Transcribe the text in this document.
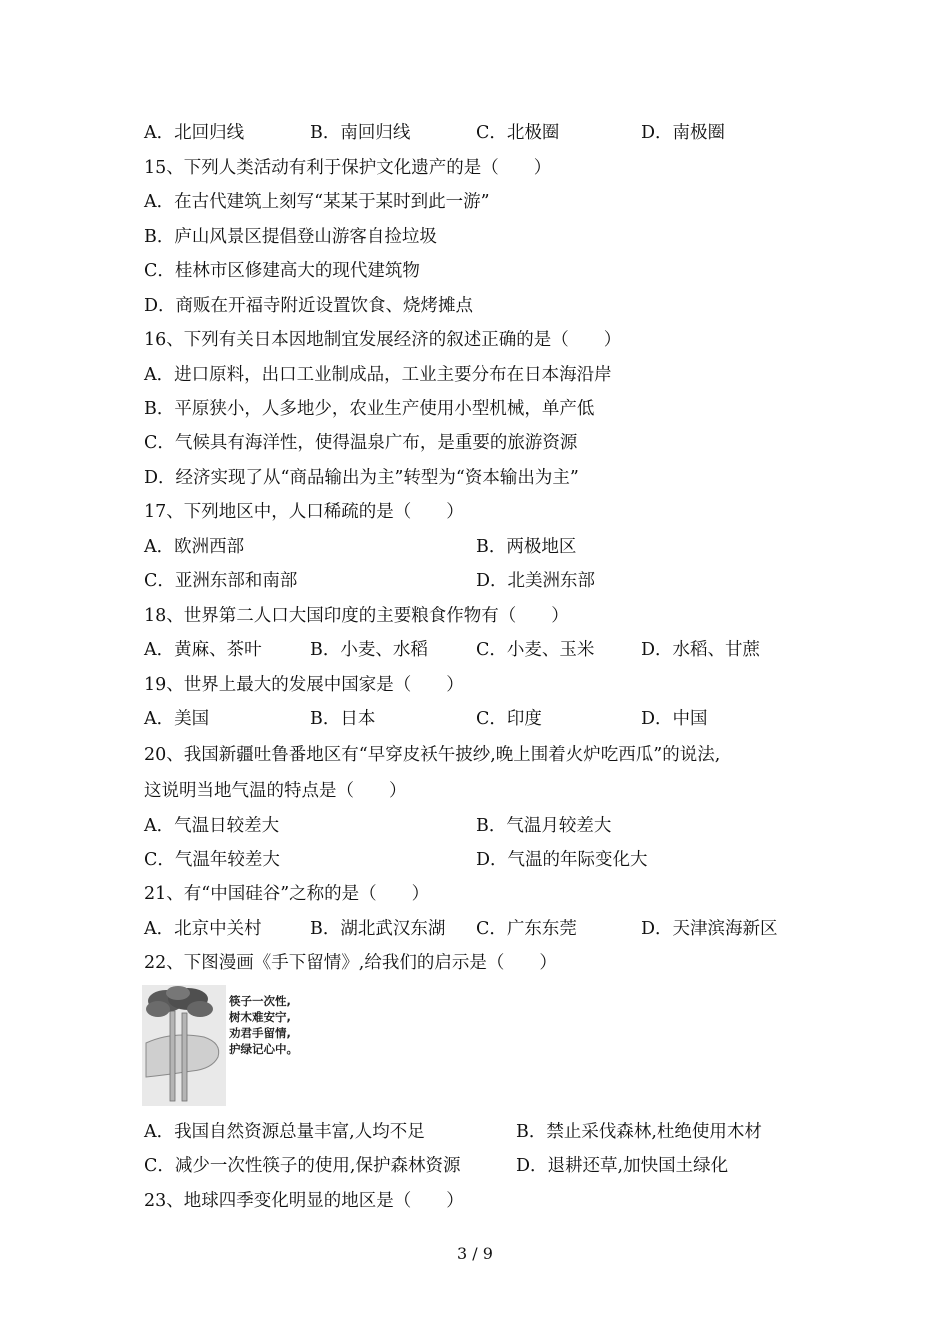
A．北回归线	B．南回归线	C．北极圈	D．南极圈
15、下列人类活动有利于保护文化遗产的是（　　）
A．在古代建筑上刻写“某某于某时到此一游”
B．庐山风景区提倡登山游客自捡垃圾
C．桂林市区修建高大的现代建筑物
D．商贩在开福寺附近设置饮食、烧烤摊点
16、下列有关日本因地制宜发展经济的叙述正确的是（　　）
A．进口原料，出口工业制成品，工业主要分布在日本海沿岸
B．平原狭小，人多地少，农业生产使用小型机械，单产低
C．气候具有海洋性，使得温泉广布，是重要的旅游资源
D．经济实现了从“商品输出为主”转型为“资本输出为主”
17、下列地区中，人口稀疏的是（　　）
A．欧洲西部	B．两极地区
C．亚洲东部和南部	D．北美洲东部
18、世界第二人口大国印度的主要粮食作物有（　　）
A．黄麻、茶叶	B．小麦、水稻	C．小麦、玉米	D．水稻、甘蔗
19、世界上最大的发展中国家是（　　）
A．美国	B．日本	C．印度	D．中国
20、我国新疆吐鲁番地区有“早穿皮袄午披纱,晚上围着火炉吃西瓜”的说法,
这说明当地气温的特点是（　　）
A．气温日较差大	B．气温月较差大
C．气温年较差大	D．气温的年际变化大
21、有“中国硅谷”之称的是（　　）
A．北京中关村	B．湖北武汉东湖 C．广东东莞	D．天津滨海新区
22、下图漫画《手下留情》,给我们的启示是（　　）
筷子一次性,
树木难安宁,
劝君手留情,
护绿记心中。
A．我国自然资源总量丰富,人均不足	B．禁止采伐森林,杜绝使用木材
C．减少一次性筷子的使用,保护森林资源	D．退耕还草,加快国土绿化
23、地球四季变化明显的地区是（　　）
3 / 9
